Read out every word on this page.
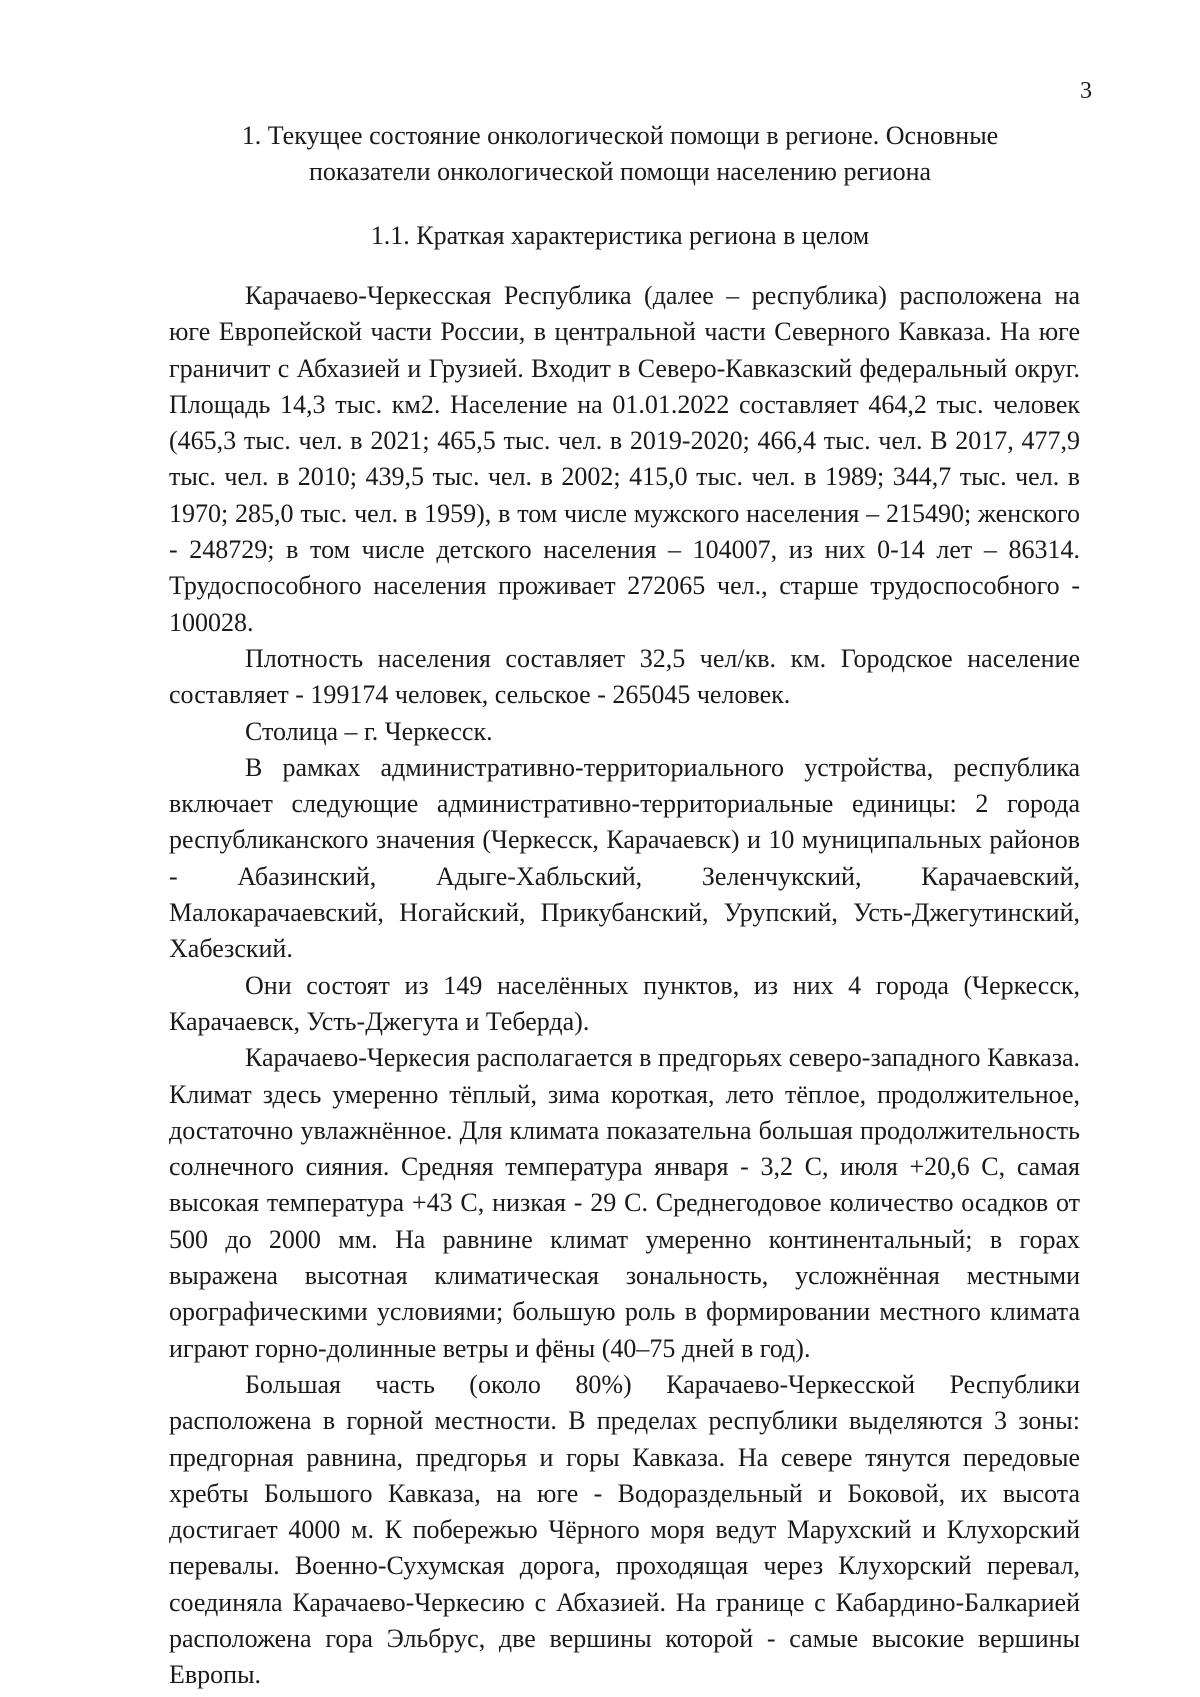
3
1. Текущее состояние онкологической помощи в регионе. Основные
показатели онкологической помощи населению региона
1.1. Краткая характеристика региона в целом

Карачаево-Черкесская Республика (далее – республика) расположена на юге Европейской части России, в центральной части Северного Кавказа. На юге граничит с Абхазией и Грузией. Входит в Северо-Кавказский федеральный округ. Площадь 14,3 тыс. км2. Население на 01.01.2022 составляет 464,2 тыс. человек (465,3 тыс. чел. в 2021; 465,5 тыс. чел. в 2019-2020; 466,4 тыс. чел. В 2017, 477,9 тыс. чел. в 2010; 439,5 тыс. чел. в 2002; 415,0 тыс. чел. в 1989; 344,7 тыс. чел. в 1970; 285,0 тыс. чел. в 1959), в том числе мужского населения – 215490; женского - 248729; в том числе детского населения – 104007, из них 0-14 лет – 86314. Трудоспособного населения проживает 272065 чел., старше трудоспособного - 100028.

Плотность населения составляет 32,5 чел/кв. км. Городское население составляет - 199174 человек, сельское - 265045 человек.

Столица – г. Черкесск.

В рамках административно-территориального устройства, республика включает следующие административно-территориальные единицы: 2 города республиканского значения (Черкесск, Карачаевск) и 10 муниципальных районов - Абазинский, Адыге-Хабльский, Зеленчукский, Карачаевский, Малокарачаевский, Ногайский, Прикубанский, Урупский, Усть-Джегутинский, Хабезский.

Они состоят из 149 населённых пунктов, из них 4 города (Черкесск, Карачаевск, Усть-Джегута и Теберда).

Карачаево-Черкесия располагается в предгорьях северо-западного Кавказа. Климат здесь умеренно тёплый, зима короткая, лето тёплое, продолжительное, достаточно увлажнённое. Для климата показательна большая продолжительность солнечного сияния. Средняя температура января - 3,2 С, июля +20,6 С, самая высокая температура +43 С, низкая - 29 С. Среднегодовое количество осадков от 500 до 2000 мм. На равнине климат умеренно континентальный; в горах выражена высотная климатическая зональность, усложнённая местными орографическими условиями; большую роль в формировании местного климата играют горно-долинные ветры и фёны (40–75 дней в год).

Большая часть (около 80%) Карачаево-Черкесской Республики расположена в горной местности. В пределах республики выделяются 3 зоны: предгорная равнина, предгорья и горы Кавказа. На севере тянутся передовые хребты Большого Кавказа, на юге - Водораздельный и Боковой, их высота достигает 4000 м. К побережью Чёрного моря ведут Марухский и Клухорский перевалы. Военно-Сухумская дорога, проходящая через Клухорский перевал, соединяла Карачаево-Черкесию с Абхазией. На границе с Кабардино-Балкарией расположена гора Эльбрус, две вершины которой - самые высокие вершины Европы.
